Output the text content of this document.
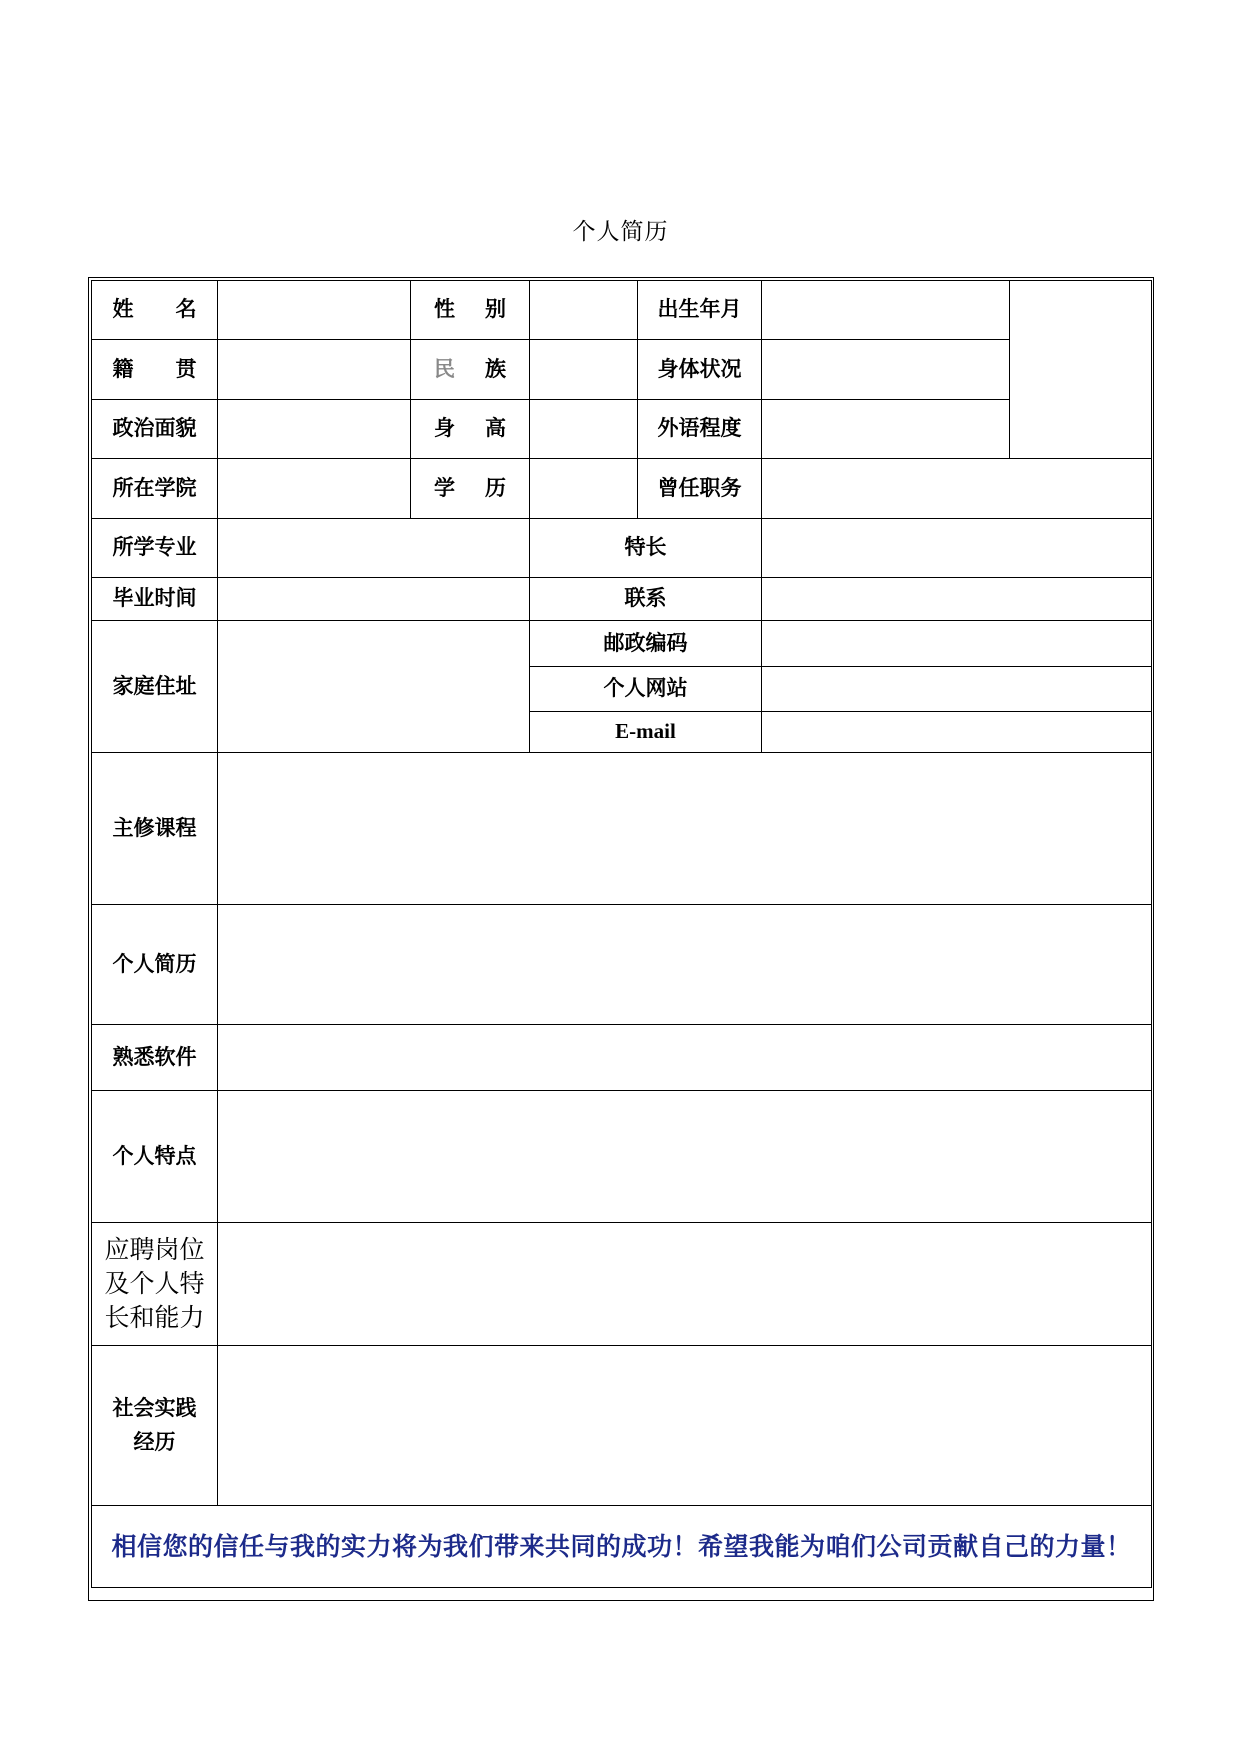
个人简历
姓 名		性 别		出生年月		
籍 贯		民 族		身体状况		
政治面貌		身 高		外语程度		
所在学院		学 历		曾任职务		
所学专业			特长			
毕业时间			联系			
家庭住址			邮政编码			
			个人网站			
			E-mail			
主修课程						
个人简历						
熟悉软件						
个人特点						

应聘岗位
及个人特
长和能力						

社会实践
经历						

相信您的信任与我的实力将为我们带来共同的成功！希望我能为咱们公司贡献自己的力量！						
